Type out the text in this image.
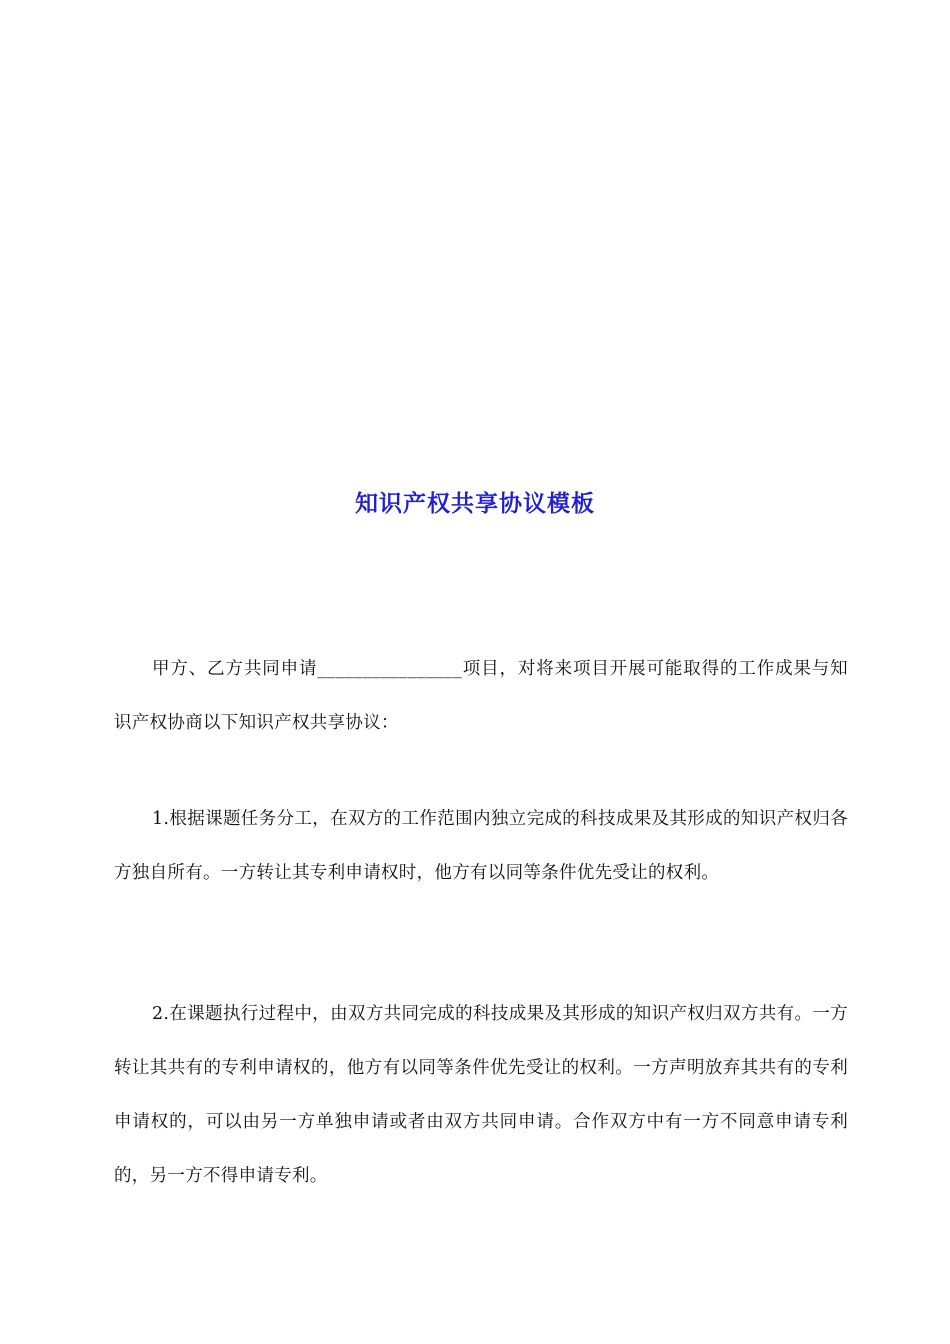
知识产权共享协议模板

甲方、乙方共同申请________________项目，对将来项目开展可能取得的工作成果与知识产权协商以下知识产权共享协议：

1.根据课题任务分工，在双方的工作范围内独立完成的科技成果及其形成的知识产权归各方独自所有。一方转让其专利申请权时，他方有以同等条件优先受让的权利。

2.在课题执行过程中，由双方共同完成的科技成果及其形成的知识产权归双方共有。一方转让其共有的专利申请权的，他方有以同等条件优先受让的权利。一方声明放弃其共有的专利申请权的，可以由另一方单独申请或者由双方共同申请。合作双方中有一方不同意申请专利的，另一方不得申请专利。
